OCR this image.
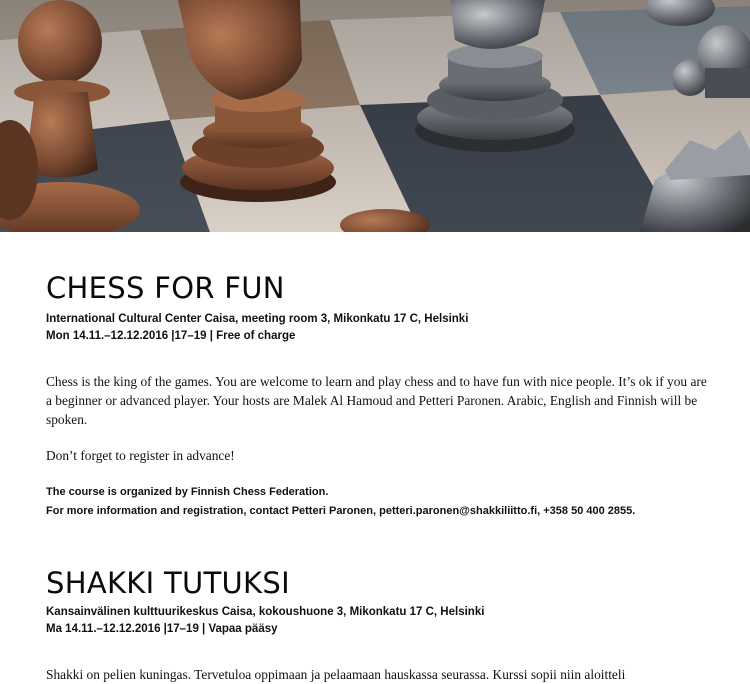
CHESS FOR FUN

International Cultural Center Caisa, meeting room 3, Mikonkatu 17 C, Helsinki

Mon 14.11.–12.12.2016 |17–19 | Free of charge

Chess is the king of the games. You are welcome to learn and play chess and to have fun with nice people. It’s ok if you are a beginner or advanced player. Your hosts are Malek Al Hamoud and Petteri Paronen. Arabic, English and Finnish will be spoken.

Don’t forget to register in advance!

The course is organized by Finnish Chess Federation.

For more information and registration, contact Petteri Paronen, petteri.paronen@shakkiliitto.fi, +358 50 400 2855.

SHAKKI TUTUKSI

Kansainvälinen kulttuurikeskus Caisa, kokoushuone 3, Mikonkatu 17 C, Helsinki

Ma 14.11.–12.12.2016 |17–19 | Vapaa pääsy

Shakki on pelien kuningas. Tervetuloa oppimaan ja pelaamaan hauskassa seurassa. Kurssi sopii niin aloitteli
